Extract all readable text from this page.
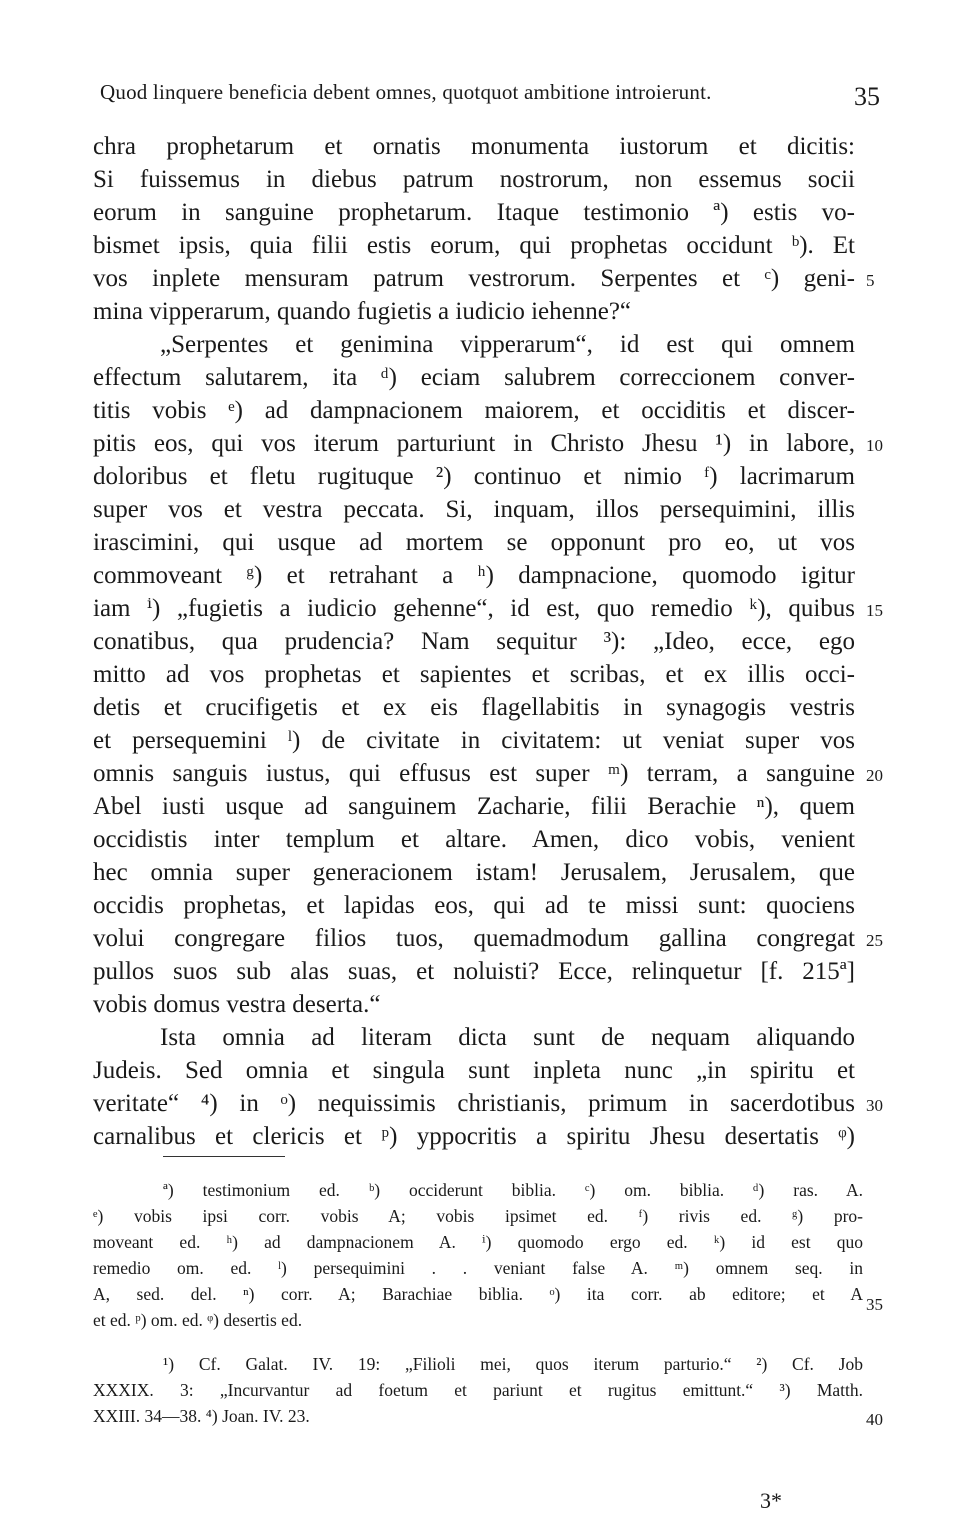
Quod linquere beneficia debent omnes, quotquot ambitione introierunt.	35
chra prophetarum et ornatis monumenta iustorum et dicitis:
Si fuissemus in diebus patrum nostrorum, non essemus socii
eorum in sanguine prophetarum. Itaque testimonio ª) estis vo-
bismet ipsis, quia filii estis eorum, qui prophetas occidunt ᵇ). Et
vos inplete mensuram patrum vestrorum. Serpentes et ᶜ) geni-
mina vipperarum, quando fugietis a iudicio iehenne?“
„Serpentes et genimina vipperarum“, id est qui omnem
effectum salutarem, ita ᵈ) eciam salubrem correccionem conver-
titis vobis ᵉ) ad dampnacionem maiorem, et occiditis et discer-
pitis eos, qui vos iterum parturiunt in Christo Jhesu ¹) in labore,
doloribus et fletu rugituque ²) continuo et nimio ᶠ) lacrimarum
super vos et vestra peccata. Si, inquam, illos persequimini, illis
irascimini, qui usque ad mortem se opponunt pro eo, ut vos
commoveant ᵍ) et retrahant a ʰ) dampnacione, quomodo igitur
iam ⁱ) „fugietis a iudicio gehenne“, id est, quo remedio ᵏ), quibus
conatibus, qua prudencia? Nam sequitur ³): „Ideo, ecce, ego
mitto ad vos prophetas et sapientes et scribas, et ex illis occi-
detis et crucifigetis et ex eis flagellabitis in synagogis vestris
et persequemini ˡ) de civitate in civitatem: ut veniat super vos
omnis sanguis iustus, qui effusus est super ᵐ) terram, a sanguine
Abel iusti usque ad sanguinem Zacharie, filii Berachie ⁿ), quem
occidistis inter templum et altare. Amen, dico vobis, venient
hec omnia super generacionem istam! Jerusalem, Jerusalem, que
occidis prophetas, et lapidas eos, qui ad te missi sunt: quociens
volui congregare filios tuos, quemadmodum gallina congregat
pullos suos sub alas suas, et noluisti? Ecce, relinquetur [f. 215ª]
vobis domus vestra deserta.“
Ista omnia ad literam dicta sunt de nequam aliquando
Judeis. Sed omnia et singula sunt inpleta nunc „in spiritu et
veritate“ ⁴) in ᵒ) nequissimis christianis, primum in sacerdotibus
carnalibus et clericis et ᵖ) yppocritis a spiritu Jhesu desertatis ᵠ)
5
10
15
20
25
30
ª) testimonium ed. ᵇ) occiderunt biblia. ᶜ) om. biblia. ᵈ) ras. A.
ᵉ) vobis ipsi corr. vobis A; vobis ipsimet ed. ᶠ) rivis ed. ᵍ) pro-
moveant ed. ʰ) ad dampnacionem A. ⁱ) quomodo ergo ed. ᵏ) id est quo
remedio om. ed. ˡ) persequimini . . veniant false A. ᵐ) omnem seq. in
A, sed. del. ⁿ) corr. A; Barachiae biblia. ᵒ) ita corr. ab editore; et A
et ed. ᵖ) om. ed. ᵠ) desertis ed.
¹) Cf. Galat. IV. 19: „Filioli mei, quos iterum parturio.“ ²) Cf. Job
XXXIX. 3: „Incurvantur ad foetum et pariunt et rugitus emittunt.“ ³) Matth.
XXIII. 34—38. ⁴) Joan. IV. 23.
35
40
3*
